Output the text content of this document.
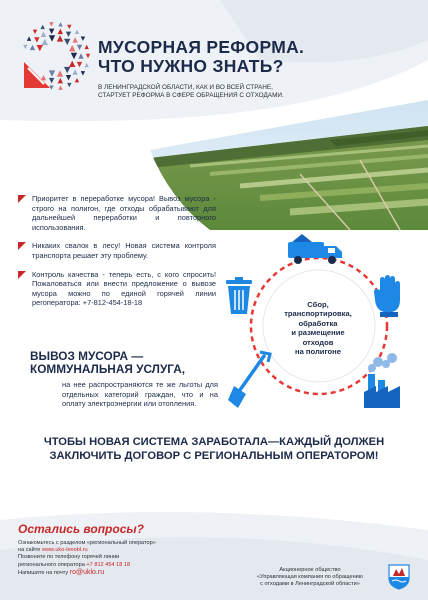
МУСОРНАЯ РЕФОРМА.
ЧТО НУЖНО ЗНАТЬ?
В ЛЕНИНГРАДСКОЙ ОБЛАСТИ, КАК И ВО ВСЕЙ СТРАНЕ,
СТАРТУЕТ РЕФОРМА В СФЕРЕ ОБРАЩЕНИЯ С ОТХОДАМИ.

Приоритет в переработке мусора! Вывоз мусора - строго на полигон, где отходы обрабатывают для дальнейшей переработки и повторного использования.

Никаких свалок в лесу! Новая система контроля транспорта решает эту проблему.

Контроль качества - теперь есть, с кого спросить! Пожаловаться или внести предложение о вывозе мусора можно по единой горячей линии регоператора: +7-812-454-18-18	Сбор,
транспортировка,
обработка
и размещение
отходов
на полигоне
ВЫВОЗ МУСОРА —
КОММУНАЛЬНАЯ УСЛУГА,

на нее распространяются те же льготы для отдельных категорий граждан, что и на оплату электроэнергии или отопления.

ЧТОБЫ НОВАЯ СИСТЕМА ЗАРАБОТАЛА—КАЖДЫЙ ДОЛЖЕН
ЗАКЛЮЧИТЬ ДОГОВОР С РЕГИОНАЛЬНЫМ ОПЕРАТОРОМ!
Остались вопросы?
Ознакомьтесь с разделом «региональный оператор»
на сайте www.uko-lenobl.ru
Позвоните по телефону горячей линии
регионального оператора +7 812 454 18 18
Напишите на почту ro@uklo.ru	Акционерное общество
«Управляющая компания по обращению
с отходами в Ленинградской области»
